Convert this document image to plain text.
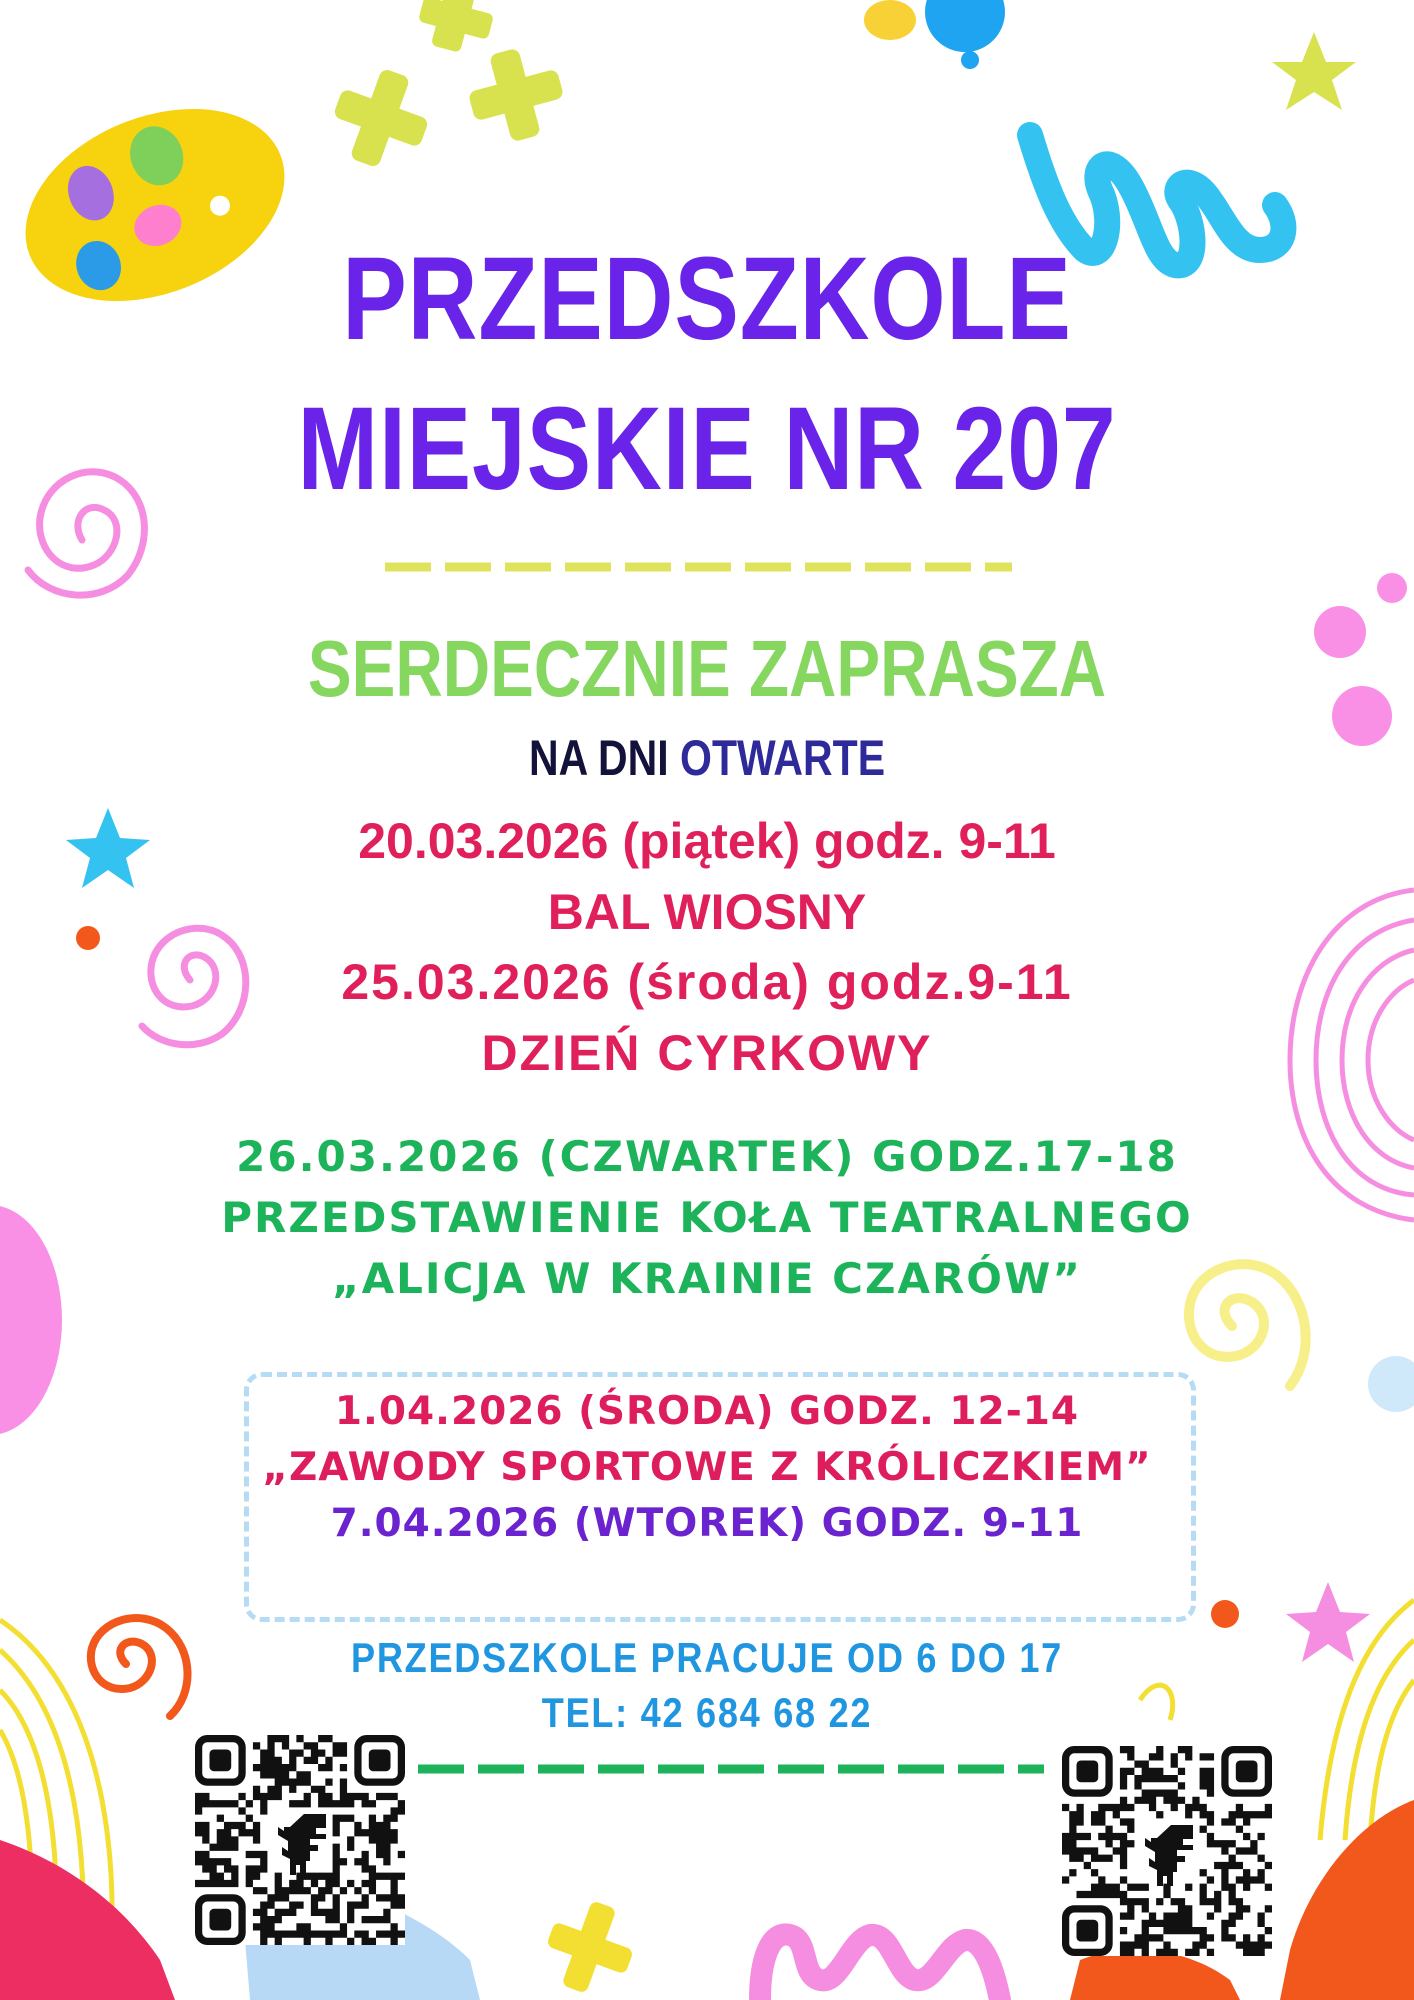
PRZEDSZKOLE
MIEJSKIE NR 207
SERDECZNIE ZAPRASZA
NA DNI OTWARTE
20.03.2026 (piątek) godz. 9-11
BAL WIOSNY
25.03.2026 (środa) godz.9-11
DZIEŃ CYRKOWY
26.03.2026 (CZWARTEK) GODZ.17-18
PRZEDSTAWIENIE KOŁA TEATRALNEGO
„ALICJA W KRAINIE CZARÓW”
1.04.2026 (ŚRODA) GODZ. 12-14
„ZAWODY SPORTOWE Z KRÓLICZKIEM”
7.04.2026 (WTOREK) GODZ. 9-11
PRZEDSZKOLE PRACUJE OD 6 DO 17
TEL: 42 684 68 22
